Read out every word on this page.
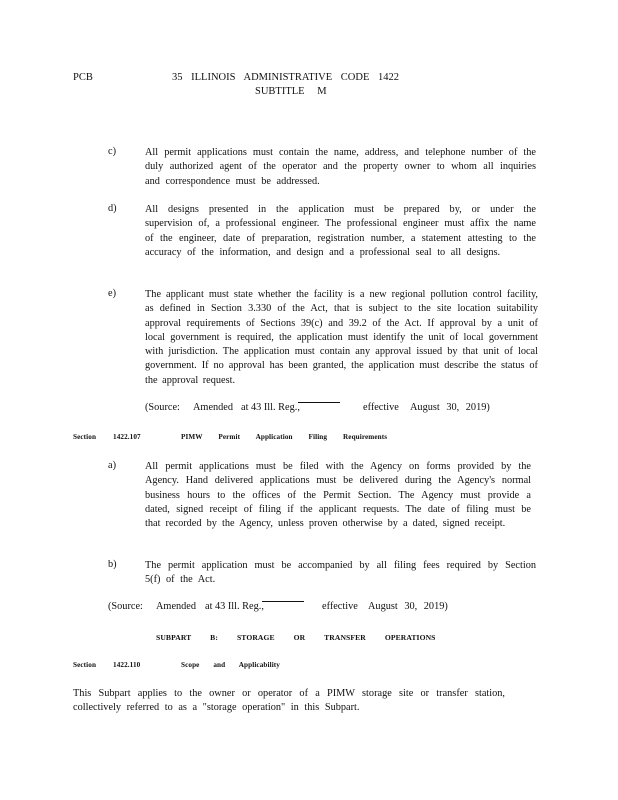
PCB	35 ILLINOIS ADMINISTRATIVE CODE 1422
SUBTITLE M
c)	All permit applications must contain the name, address, and telephone number of the duly authorized agent of the operator and the property owner to whom all inquiries and correspondence must be addressed.
d)	All designs presented in the application must be prepared by, or under the supervision of, a professional engineer. The professional engineer must affix the name of the engineer, date of preparation, registration number, a statement attesting to the accuracy of the information, and design and a professional seal to all designs.
e)	The applicant must state whether the facility is a new regional pollution control facility, as defined in Section 3.330 of the Act, that is subject to the site location suitability approval requirements of Sections 39(c) and 39.2 of the Act. If approval by a unit of local government is required, the application must identify the unit of local government with jurisdiction. The application must contain any approval issued by that unit of local government. If no approval has been granted, the application must describe the status of the approval request.
(Source: Amended at 43 Ill. Reg.
,	effective August 30, 2019)
Section 1422.107	PIMW Permit Application Filing Requirements
a)	All permit applications must be filed with the Agency on forms provided by the Agency. Hand delivered applications must be delivered during the Agency's normal business hours to the offices of the Permit Section. The Agency must provide a dated, signed receipt of filing if the applicant requests. The date of filing must be that recorded by the Agency, unless proven otherwise by a dated, signed receipt.
b)	The permit application must be accompanied by all filing fees required by Section 5(f) of the Act.
(Source: Amended at 43 Ill. Reg.
,	effective August 30, 2019)
SUBPART B: STORAGE OR TRANSFER OPERATIONS
Section 1422.110	Scope and Applicability
This Subpart applies to the owner or operator of a PIMW storage site or transfer station, collectively referred to as a "storage operation" in this Subpart.
